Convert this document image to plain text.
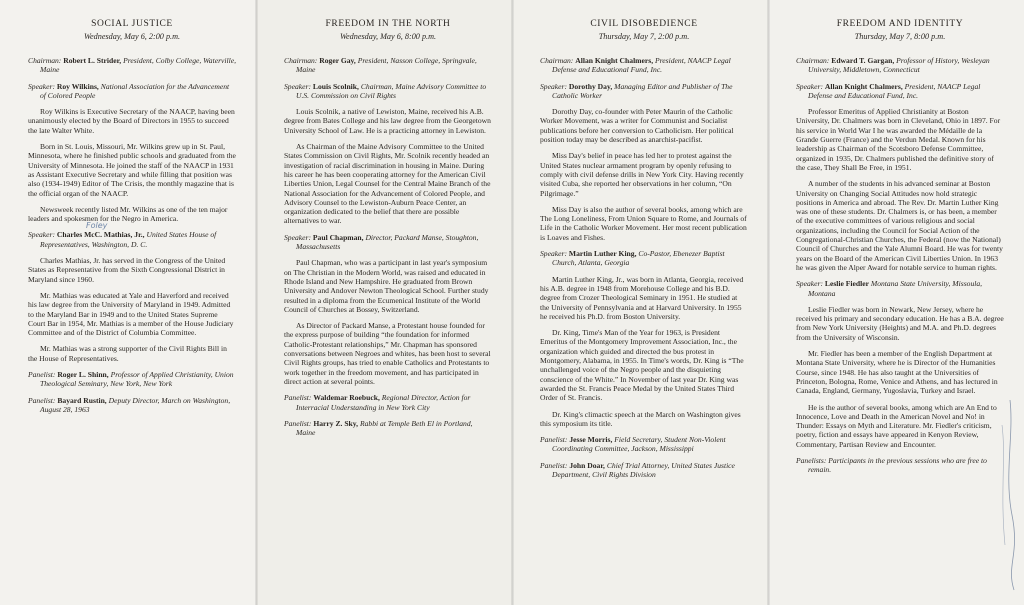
SOCIAL JUSTICE

Wednesday, May 6, 2:00 p.m.

Chairman: Robert L. Strider, President, Colby College, Waterville, Maine

Speaker: Roy Wilkins, National Association for the Advancement of Colored People

Roy Wilkins is Executive Secretary of the NAACP, having been unanimously elected by the Board of Directors in 1955 to succeed the late Walter White.

Born in St. Louis, Missouri, Mr. Wilkins grew up in St. Paul, Minnesota, where he finished public schools and graduated from the University of Minnesota. He joined the staff of the NAACP in 1931 as Assistant Executive Secretary and while filling that position was also (1934-1949) Editor of The Crisis, the monthly magazine that is the official organ of the NAACP.

Newsweek recently listed Mr. Wilkins as one of the ten major leaders and spokesmen for the Negro in America.

Foley
Speaker: Charles McC. Mathias, Jr., United States House of Representatives, Washington, D. C.

Charles Mathias, Jr. has served in the Congress of the United States as Representative from the Sixth Congressional District in Maryland since 1960.

Mr. Mathias was educated at Yale and Haverford and received his law degree from the University of Maryland in 1949. Admitted to the Maryland Bar in 1949 and to the United States Supreme Court Bar in 1954, Mr. Mathias is a member of the House Judiciary Committee and of the District of Columbia Committee.

Mr. Mathias was a strong supporter of the Civil Rights Bill in the House of Representatives.

Panelist: Roger L. Shinn, Professor of Applied Christianity, Union Theological Seminary, New York, New York

Panelist: Bayard Rustin, Deputy Director, March on Washington, August 28, 1963

FREEDOM IN THE NORTH

Wednesday, May 6, 8:00 p.m.

Chairman: Roger Gay, President, Nasson College, Springvale, Maine

Speaker: Louis Scolnik, Chairman, Maine Advisory Committee to U.S. Commission on Civil Rights

Louis Scolnik, a native of Lewiston, Maine, received his A.B. degree from Bates College and his law degree from the Georgetown University School of Law. He is a practicing attorney in Lewiston.

As Chairman of the Maine Advisory Committee to the United States Commission on Civil Rights, Mr. Scolnik recently headed an investigation of racial discrimination in housing in Maine. During his career he has been cooperating attorney for the American Civil Liberties Union, Legal Counsel for the Central Maine Branch of the National Association for the Advancement of Colored People, and Advisory Counsel to the Lewiston-Auburn Peace Center, an organization dedicated to the belief that there are possible alternatives to war.

Speaker: Paul Chapman, Director, Packard Manse, Stoughton, Massachusetts

Paul Chapman, who was a participant in last year's symposium on The Christian in the Modern World, was raised and educated in Rhode Island and New Hampshire. He graduated from Brown University and Andover Newton Theological School. Further study resulted in a diploma from the Ecumenical Institute of the World Council of Churches at Bossey, Switzerland.

As Director of Packard Manse, a Protestant house founded for the express purpose of building “the foundation for informed Catholic-Protestant relationships,” Mr. Chapman has sponsored conversations between Negroes and whites, has been host to several Civil Rights groups, has tried to enable Catholics and Protestants to work together in the freedom movement, and has participated in direct action at several points.

Panelist: Waldemar Roebuck, Regional Director, Action for Interracial Understanding in New York City

Panelist: Harry Z. Sky, Rabbi at Temple Beth El in Portland, Maine

CIVIL DISOBEDIENCE

Thursday, May 7, 2:00 p.m.

Chairman: Allan Knight Chalmers, President, NAACP Legal Defense and Educational Fund, Inc.

Speaker: Dorothy Day, Managing Editor and Publisher of The Catholic Worker

Dorothy Day, co-founder with Peter Maurin of the Catholic Worker Movement, was a writer for Communist and Socialist publications before her conversion to Catholicism. Her political position today may be described as anarchist-pacifist.

Miss Day's belief in peace has led her to protest against the United States nuclear armament program by openly refusing to comply with civil defense drills in New York City. Having recently visited Cuba, she reported her observations in her column, “On Pilgrimage.”

Miss Day is also the author of several books, among which are The Long Loneliness, From Union Square to Rome, and Journals of Life in the Catholic Worker Movement. Her most recent publication is Loaves and Fishes.

Speaker: Martin Luther King, Co-Pastor, Ebenezer Baptist Church, Atlanta, Georgia

Martin Luther King, Jr., was born in Atlanta, Georgia, received his A.B. degree in 1948 from Morehouse College and his B.D. degree from Crozer Theological Seminary in 1951. He studied at the University of Pennsylvania and at Harvard University. In 1955 he received his Ph.D. from Boston University.

Dr. King, Time's Man of the Year for 1963, is President Emeritus of the Montgomery Improvement Association, Inc., the organization which guided and directed the bus protest in Montgomery, Alabama, in 1955. In Time's words, Dr. King is “The unchallenged voice of the Negro people and the disquieting conscience of the White.” In November of last year Dr. King was awarded the St. Francis Peace Medal by the United States Third Order of St. Francis.

Dr. King's climactic speech at the March on Washington gives this symposium its title.

Panelist: Jesse Morris, Field Secretary, Student Non-Violent Coordinating Committee, Jackson, Mississippi

Panelist: John Doar, Chief Trial Attorney, United States Justice Department, Civil Rights Division

FREEDOM AND IDENTITY

Thursday, May 7, 8:00 p.m.

Chairman: Edward T. Gargan, Professor of History, Wesleyan University, Middletown, Connecticut

Speaker: Allan Knight Chalmers, President, NAACP Legal Defense and Educational Fund, Inc.

Professor Emeritus of Applied Christianity at Boston University, Dr. Chalmers was born in Cleveland, Ohio in 1897. For his service in World War I he was awarded the Médaille de la Grande Guerre (France) and the Verdun Medal. Known for his leadership as Chairman of the Scotsboro Defense Committee, organized in 1935, Dr. Chalmers published the definitive story of the case, They Shall Be Free, in 1951.

A number of the students in his advanced seminar at Boston University on Changing Social Attitudes now hold strategic positions in America and abroad. The Rev. Dr. Martin Luther King was one of these students. Dr. Chalmers is, or has been, a member of the executive committees of various religious and social organizations, including the Council for Social Action of the Congregational-Christian Churches, the Federal (now the National) Council of Churches and the Yale Alumni Board. He was for twenty years on the Board of the American Civil Liberties Union. In 1963 he was given the Alper Award for notable service to human rights.

Speaker: Leslie Fiedler Montana State University, Missoula, Montana

Leslie Fiedler was born in Newark, New Jersey, where he received his primary and secondary education. He has a B.A. degree from New York University (Heights) and M.A. and Ph.D. degrees from the University of Wisconsin.

Mr. Fiedler has been a member of the English Department at Montana State University, where he is Director of the Humanities Course, since 1948. He has also taught at the Universities of Princeton, Bologna, Rome, Venice and Athens, and has lectured in Canada, England, Germany, Yugoslavia, Turkey and Israel.

He is the author of several books, among which are An End to Innocence, Love and Death in the American Novel and No! in Thunder: Essays on Myth and Literature. Mr. Fiedler's criticism, poetry, fiction and essays have appeared in Kenyon Review, Commentary, Partisan Review and Encounter.

Panelists: Participants in the previous sessions who are free to remain.
